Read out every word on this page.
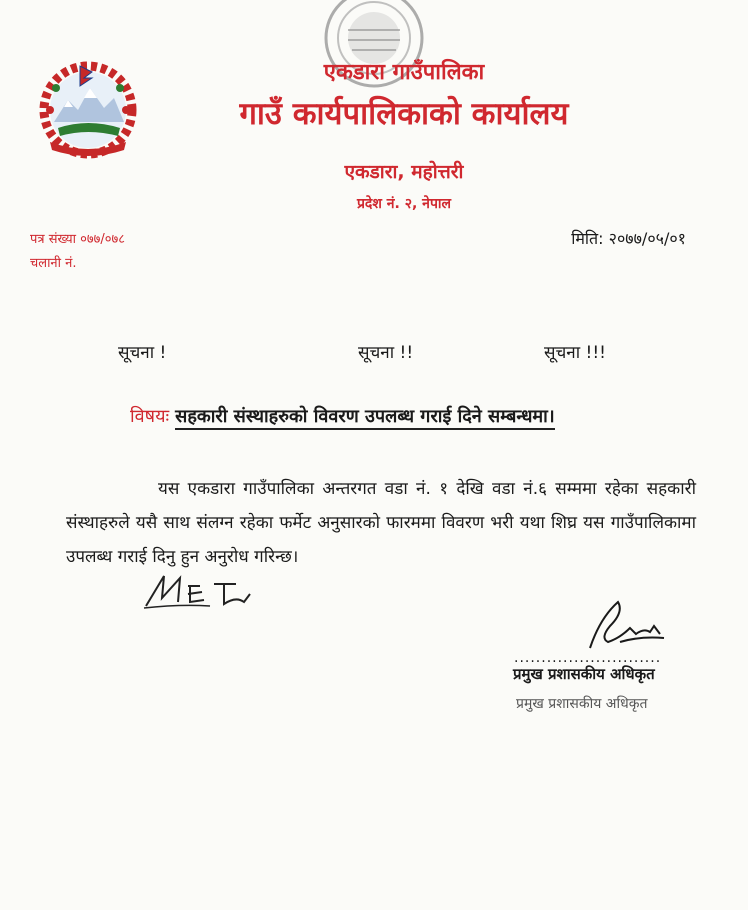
एकडारा गाउँपालिका
गाउँ कार्यपालिकाको कार्यालय
एकडारा, महोत्तरी
प्रदेश नं. २, नेपाल
पत्र संख्या ०७७/०७८
चलानी नं.
मिति: २०७७/०५/०१
सूचना !	सूचना !!	सूचना !!!
विषयः सहकारी संस्थाहरुको विवरण उपलब्ध गराई दिने सम्बन्धमा।
यस एकडारा गाउँपालिका अन्तरगत वडा नं. १ देखि वडा नं.६ सम्ममा रहेका सहकारी संस्थाहरुले यसै साथ संलग्न रहेका फर्मेट अनुसारको फारममा विवरण भरी यथा शिघ्र यस गाउँपालिकामा उपलब्ध गराई दिनु हुन अनुरोध गरिन्छ।
...........................
प्रमुख प्रशासकीय अधिकृत
प्रमुख प्रशासकीय अधिकृत
